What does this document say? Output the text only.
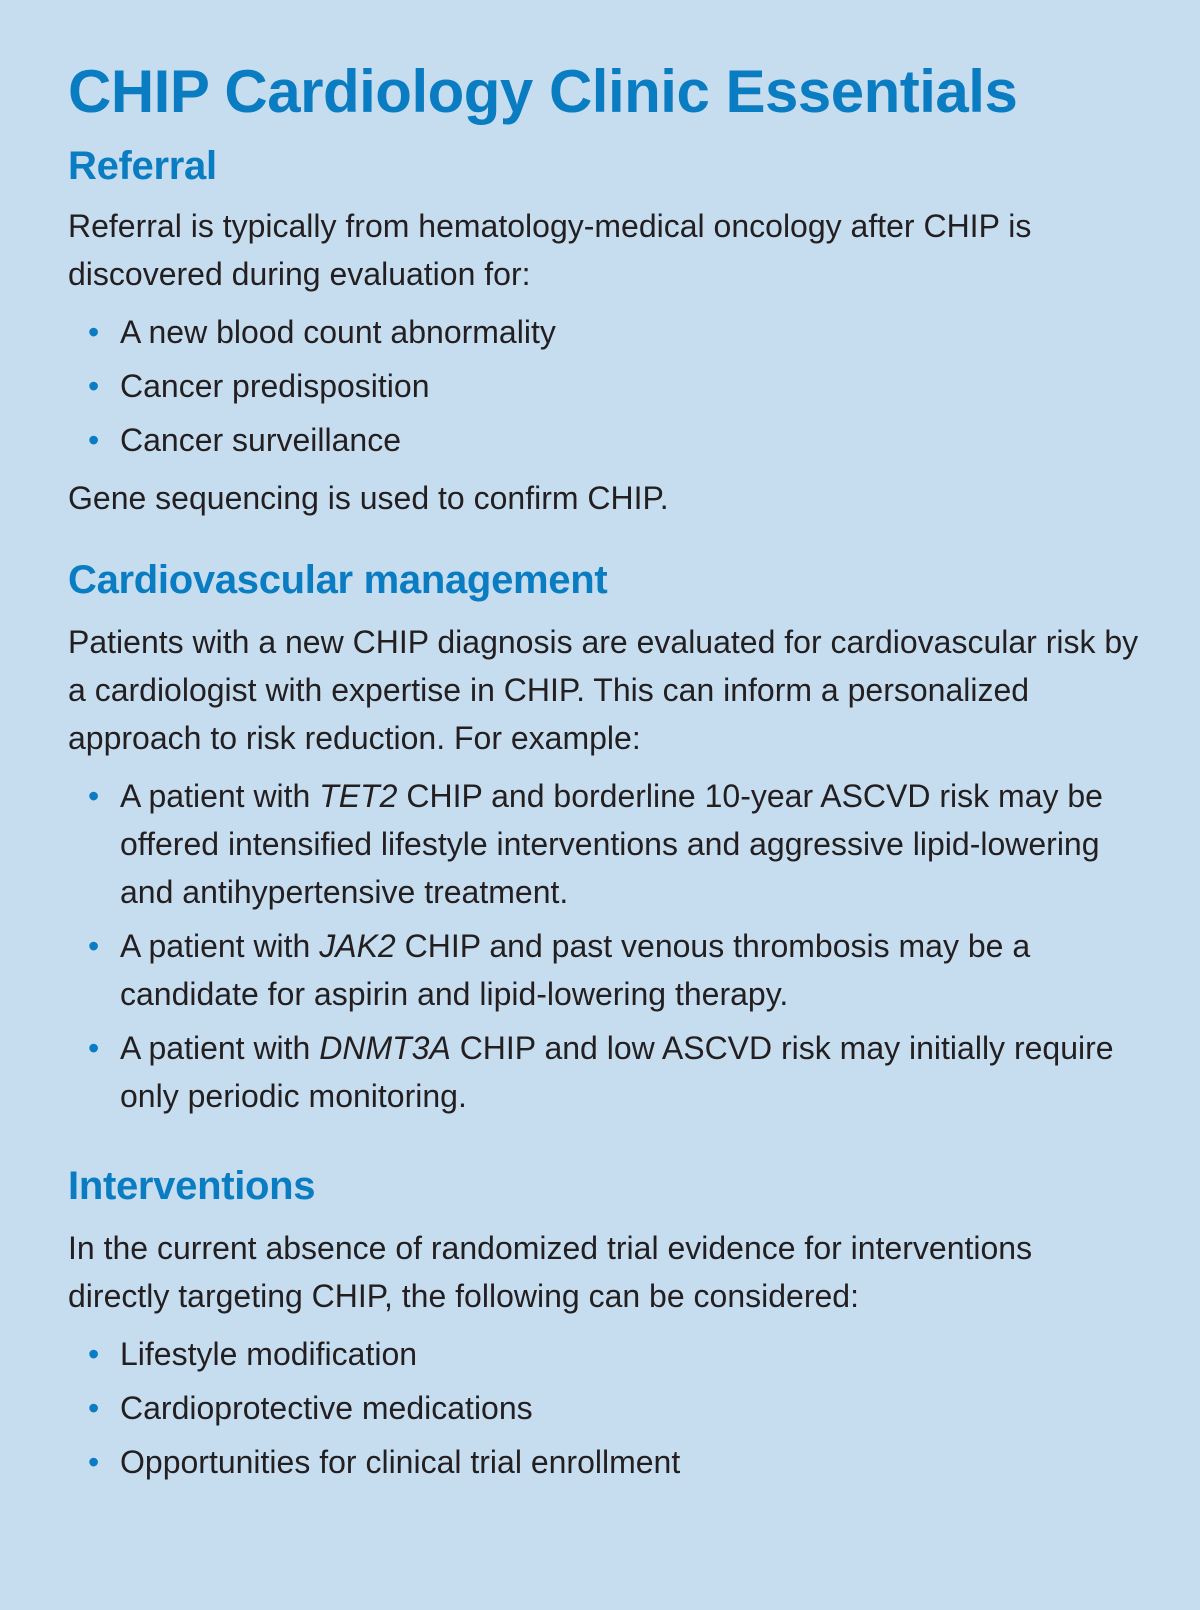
CHIP Cardiology Clinic Essentials
Referral

Referral is typically from hematology-medical oncology after CHIP is discovered during evaluation for:

• A new blood count abnormality
• Cancer predisposition
• Cancer surveillance

Gene sequencing is used to confirm CHIP.

Cardiovascular management

Patients with a new CHIP diagnosis are evaluated for cardiovascular risk by a cardiologist with expertise in CHIP. This can inform a personalized approach to risk reduction. For example:

• A patient with TET2 CHIP and borderline 10-year ASCVD risk may be offered intensified lifestyle interventions and aggressive lipid-lowering and antihypertensive treatment.
• A patient with JAK2 CHIP and past venous thrombosis may be a candidate for aspirin and lipid-lowering therapy.
• A patient with DNMT3A CHIP and low ASCVD risk may initially require only periodic monitoring.
Interventions

In the current absence of randomized trial evidence for interventions directly targeting CHIP, the following can be considered:

• Lifestyle modification
• Cardioprotective medications
• Opportunities for clinical trial enrollment
